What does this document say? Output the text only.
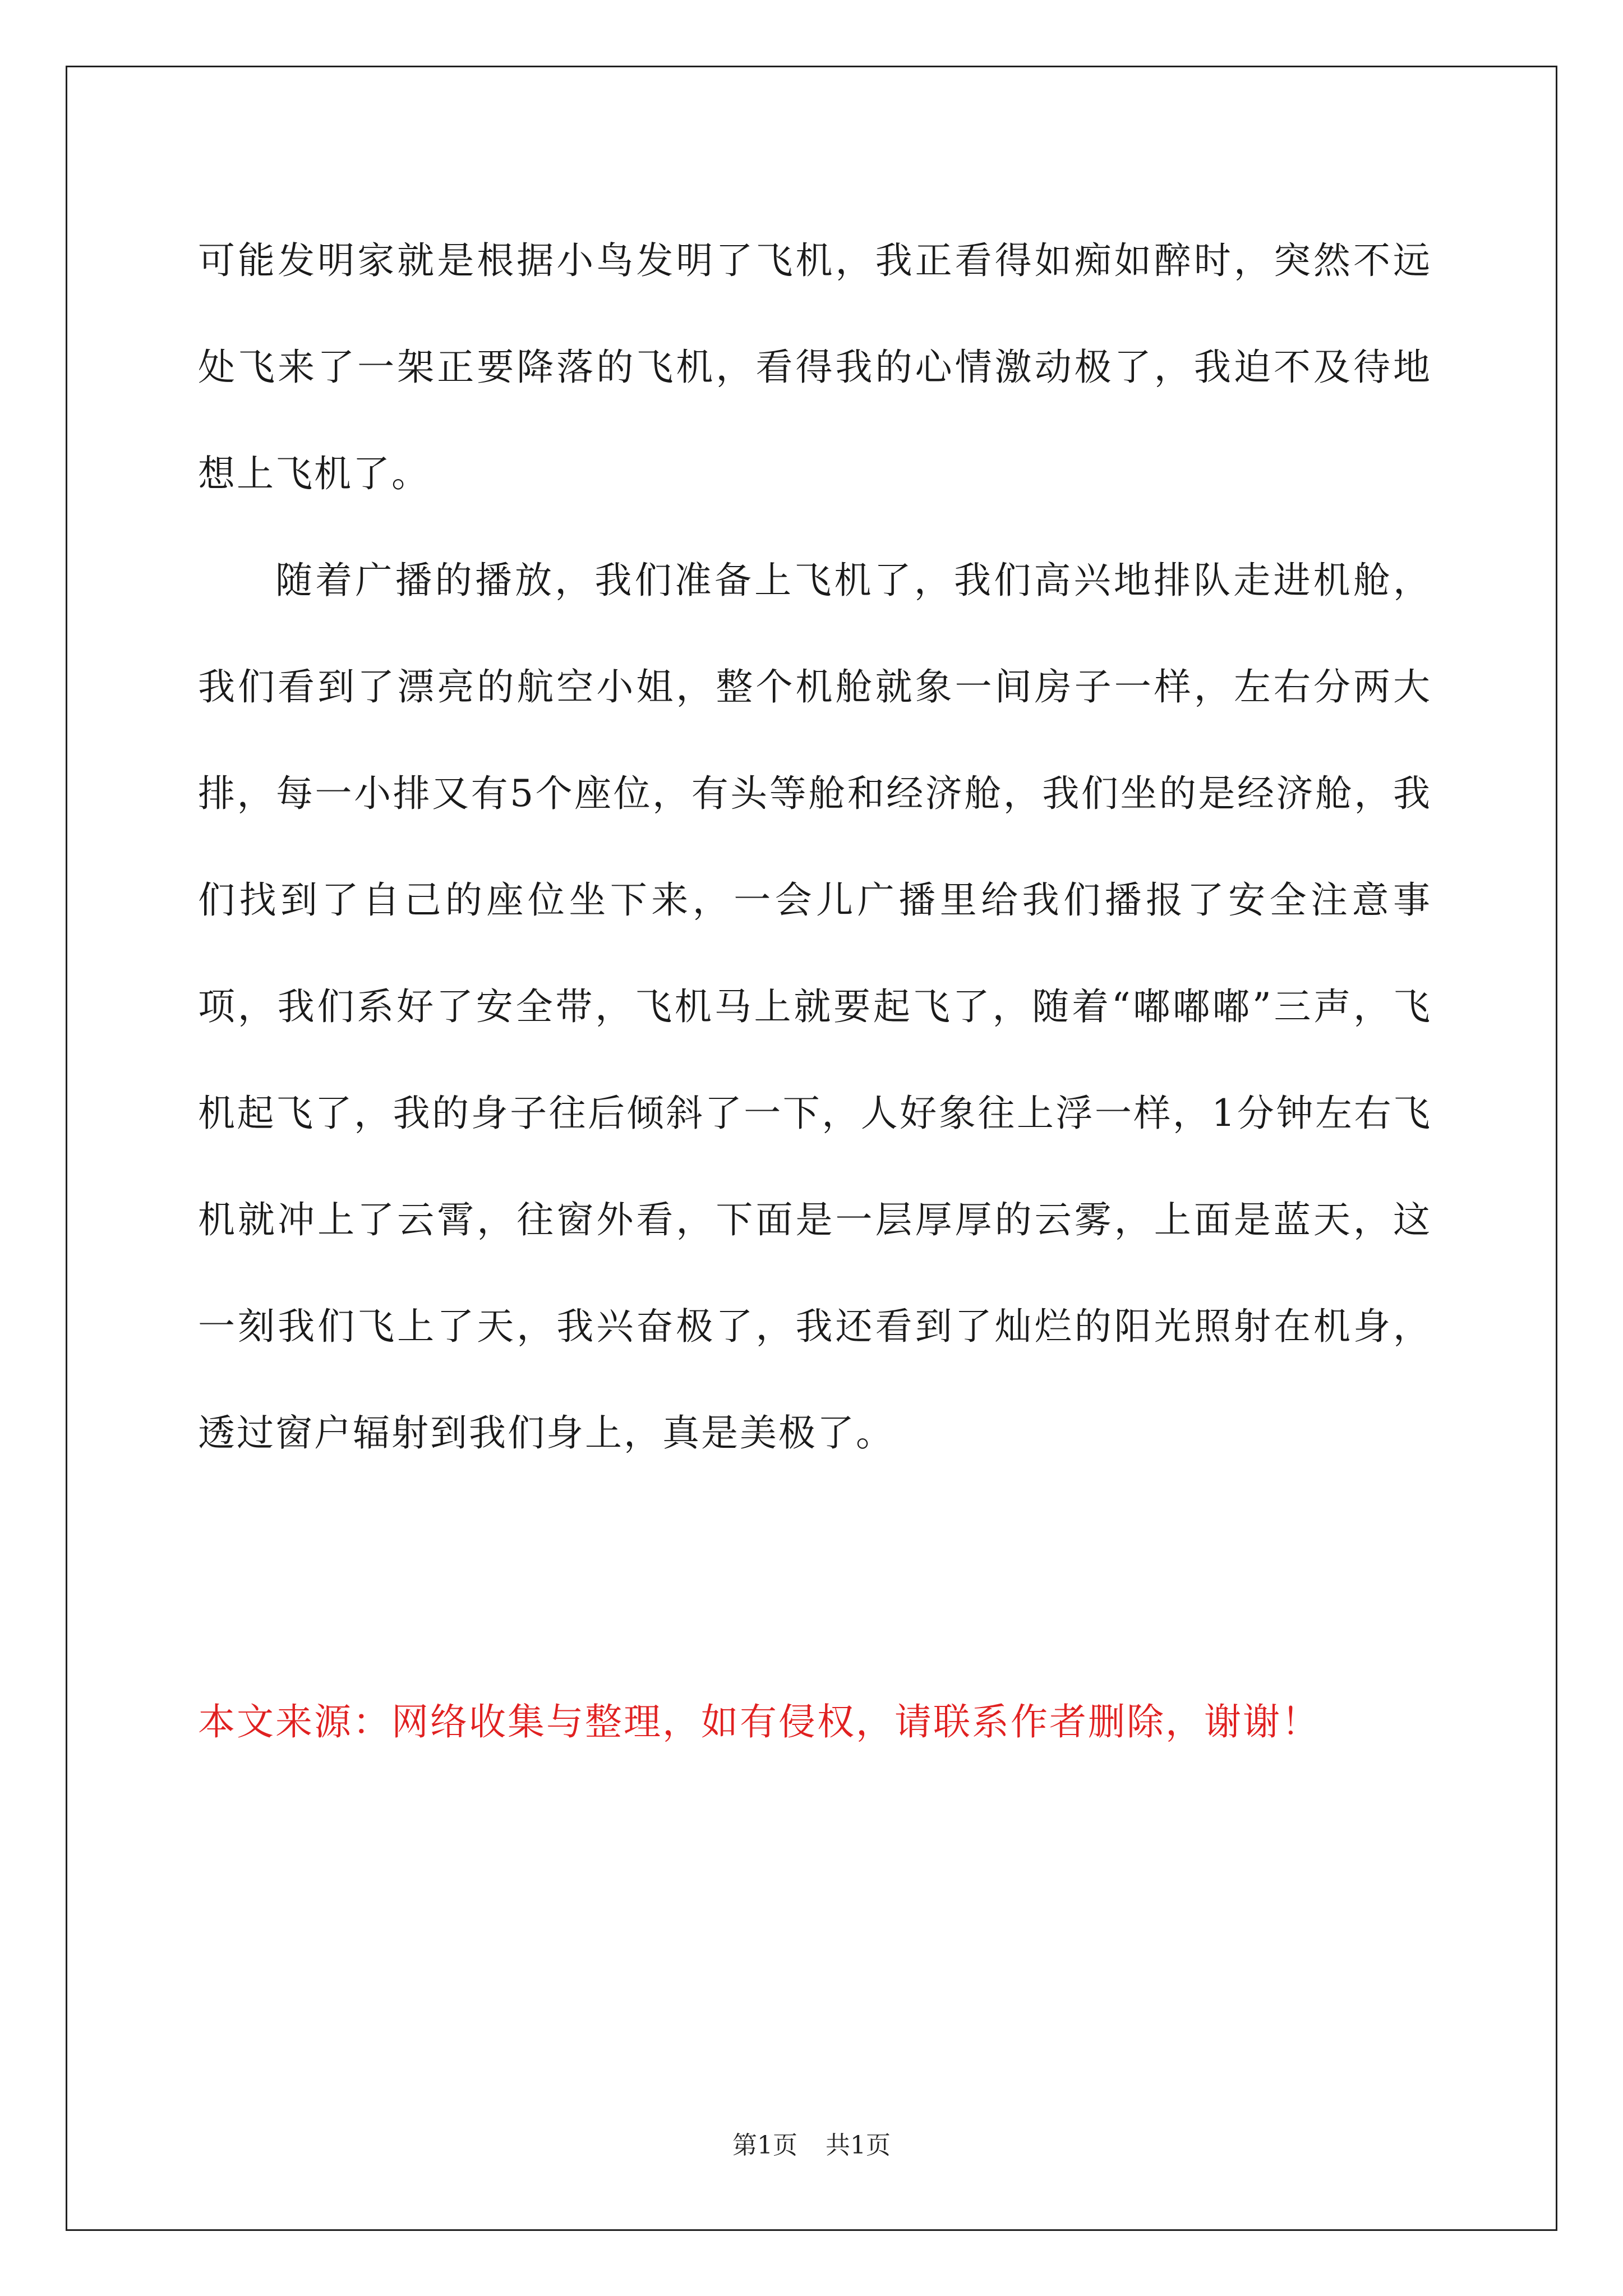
可能发明家就是根据小鸟发明了飞机，我正看得如痴如醉时，突然不远处飞来了一架正要降落的飞机，看得我的心情激动极了，我迫不及待地想上飞机了。

随着广播的播放，我们准备上飞机了，我们高兴地排队走进机舱，我们看到了漂亮的航空小姐，整个机舱就象一间房子一样，左右分两大排，每一小排又有5个座位，有头等舱和经济舱，我们坐的是经济舱，我们找到了自己的座位坐下来，一会儿广播里给我们播报了安全注意事项，我们系好了安全带，飞机马上就要起飞了，随着“嘟嘟嘟”三声，飞机起飞了，我的身子往后倾斜了一下，人好象往上浮一样，1分钟左右飞机就冲上了云霄，往窗外看，下面是一层厚厚的云雾，上面是蓝天，这一刻我们飞上了天，我兴奋极了，我还看到了灿烂的阳光照射在机身，透过窗户辐射到我们身上，真是美极了。

本文来源：网络收集与整理，如有侵权，请联系作者删除，谢谢！
第1页 共1页
